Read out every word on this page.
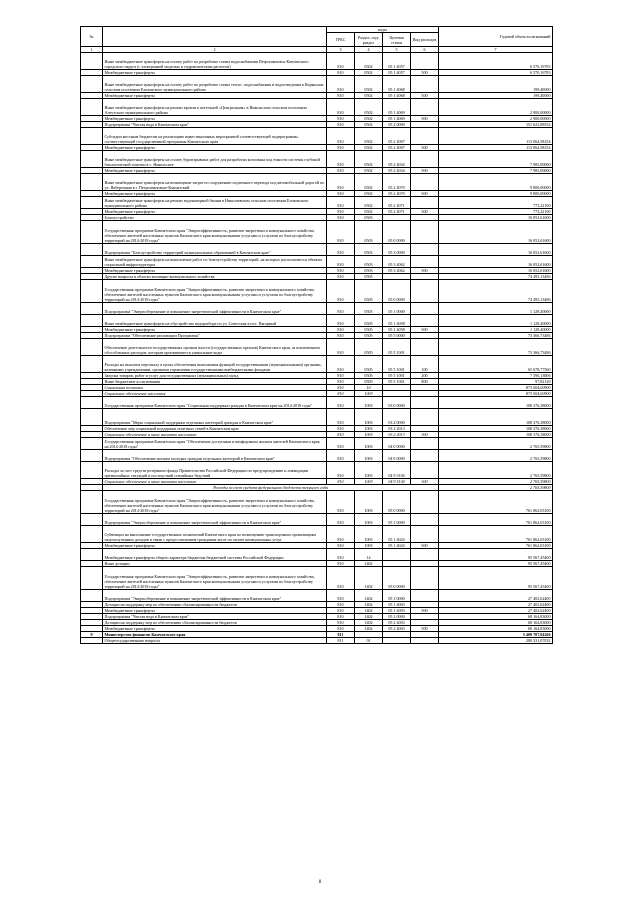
№		коды				Годовой объем ассигнований
		ГРБС	Раздел, под-раздел	Целевая статья	Вид расходов	
1	2	3	4	5	6	7
	Иные межбюджетные трансферты на оплату работ по разработке схемы водоснабжения Петропавловск-Камчатского городского округа (с электронной моделью и гидравлическим расчетом)	810	0502	05 1 4057		6 570,16783
	Межбюджетные трансферты	810	0502	05 1 4057	500	6 570,16783
	Иные межбюджетные трансферты на оплату работ по разработке схемы тепло-, водоснабжения и водоотведения в Корякском сельском поселении Елизовского муниципального района	810	0502	05 1 4068		199,40000
	Межбюджетные трансферты	810	0502	05 1 4068	500	199,40000
	Иные межбюджетные трансферты на ремонт кровли к котельной «Центральная» в Никольском сельском поселении Алеутского муниципального района	810	0502	05 1 4069		2 900,00000
	Межбюджетные трансферты	810	0502	05 1 4069	500	2 900,00000
	Подпрограмма "Чистая вода в Камчатском крае"	810	0502	05 2 0000		151 622,88554
	Субсидии местным бюджетам на реализацию инвестиционных мероприятий соответствующей подпрограммы соответствующей государственной программы Камчатского края	810	0502	05 2 4007		113 064,58254
	Межбюджетные трансферты	810	0502	05 2 4007	500	113 064,58254
	Иные межбюджетные трансферты на оплату буровзрывных работ для разработки котлована под емкости системы глубокой биологической очистки в с. Никольское	810	0502	05 2 4034		7 985,00000
	Межбюджетные трансферты	810	0502	05 2 4034	500	7 985,00000
	Иные межбюджетные трансферты на возмещение затрат по сооружению подземного перехода под автомобильной дорогой по ул. Набережная в г. Петропавловске-Камчатский	810	0502	05 2 4070		9 800,00000
	Межбюджетные трансферты	810	0502	05 2 4070	500	9 800,00000
	Иные межбюджетные трансферты на ремонт водонапорной башни в Николаевском сельском поселении Елизовского муниципального района	810	0502	05 2 4071		773,22100
	Межбюджетные трансферты	810	0502	05 2 4071	500	773,22100
	Благоустройство	810	0503			16 052,61600
	Государственная программа Камчатского края "Энергоэффективность, развитие энергетики и коммунального хозьйства, обеспечение жителей населенных пунктов Камчатского края коммунальными услугами и услугами по благоустройству территорий на 2014-2018 годы"	810	0503	05 0 0000		16 052,61600
	Подпрограмма "Благоустройство территорий муниципальных образований в Камчатском крае"	810	0503	05 3 0000		16 052,61600
	Иные межбюджетные трансферты на выполнение работ по благоустройству территорий, на которых располагаются объекты социальной инфраструктуры	810	0503	05 3 4062		16 052,61600
	Межбюджетные трансферты	810	0503	05 3 4062	500	16 052,61600
	Другие вопросы в области жилищно-коммунального хозяйства	810	0505			74 495,13486
	Государственная программа Камчатского края "Энергоэффективность, развитие энергетики и коммунального хозяйства, обеспечение жителей населенных пунктов Камчатского края коммунальными услугами и услугами по благоустройству территорий на 2014-2018 годы"	810	0505	05 0 0000		74 495,13486
	Подпрограмма "Энергосбережение и повышение энергетической эффективности в Камчатском крае"	810	0505	05 1 0000		1 128,40000
	Иные межбюджетные трансферты на обустройство водоразбора по ул. Советская в пос. Нагорный	810	0505	05 1 4058		1 128,40000
	Межбюджетные трансферты	810	0505	05 1 4058	500	1 128,40000
	Подпрограмма "Обеспечение реализации Программы"	810	0505	05 5 0000		73 366,73486
	Обеспечение деятельности государственных органов власти (государственных органов) Камчатского края, за исключением обособленных расходов, которым присваиваются уникальные коды	810	0505	05 5 1001		73 366,73486
	Расходы на выплаты персоналу в целях обеспечения выполнения функций государственными (муниципальными) органами, казенными учреждениями, органами управления государственными внебюджетными фондами	810	0505	05 5 1001	100	65 678,77560
	Закупка товаров, работ и услуг для государственных (муниципальных) нужд	810	0505	05 5 1001	200	7 590,13806
	Иные бюджетные ассигнования	810	0505	05 5 1001	800	97,82120
	Социальная политика	810	10			873 004,00900
	Социальное обеспечение населения	810	1003			873 004,00900
	Государственная программа Камчатского края "Социальная поддержка граждан в Камчатском крае на 2014-2018 годы"	810	1003	03 0 0000		108 376,38000
	Подпрограмма "Меры социальной поддержки отдельных категорий граждан в Камчатском крае"	810	1003	03 2 0000		108 376,38000
	Обеспечение мер социальной поддержки почетных семей в Камчатском крае	810	1003	03 2 2013		108 376,38000
	Социальное обеспечение и иные выплаты населению	810	1003	03 2 2013	300	108 376,38000
	Государственная программа Камчатского края "Обеспечение доступным и комфортным жильем жителей Камчатского края на 2014-2018 годы"	810	1003	04 0 0000		2 765,59800
	Подпрограмма "Обеспечение жильем молодых граждан отдельных категорий в Камчатском крае"	810	1003	04 9 0000		2 765,59800
	Расходы за счет средств резервного фонда Правительства Российской Федерации по предупреждению и ликвидации чрезвычайных ситуаций и последствий стихийных бедствий	810	1003	04 9 5104		2 765,59800
	Социальное обеспечение и иные выплаты населению	810	1003	04 9 5104	300	2 765,59800
	Расходы за счет средств федерального бюджета текущего года					2 765,59800
	Государственная программа Камчатского края "Энергоэффективность, развитие энергетики и коммунального хозяйства, обеспечение жителей населенных пунктов Камчатского края коммунальными услугами и услугами по благоустройству территорий на 2014-2018 годы"	810	1003	05 0 0000		761 862,03100
	Подпрограмма "Энергосбережение и повышение энергетической эффективности в Камчатском крае"	810	1003	05 1 0000		761 862,03100
	Субвенции на выполнение государственных полномочий Камчатского края по возмещению транспортным организациям недополученных доходов в связи с предоставлением гражданам льгот по оплате коммунальных услуг	810	1003	05 1 4024		761 862,03100
	Межбюджетные трансферты	810	1003	05 1 4024	500	761 862,03100
	Межбюджетные трансферты общего характера бюджетам бюджетной системы Российской Федерации	810	14			95 567,45400
	Иные дотации	810	1402			95 567,45400
	Государственная программа Камчатского края "Энергоэффективность, развитие энергетики и коммунального хозяйства, обеспечение жителей населенных пунктов Камчатского края коммунальными услугами и услугами по благоустройству территорий на 2014-2018 годы"	810	1402	05 0 0000		95 567,45400
	Подпрограмма "Энергосбережение и повышение энергетической эффективности в Камчатском крае"	810	1402	05 1 0000		27 402,62400
	Дотации на поддержку мер по обеспечению сбалансированности бюджетов	810	1402	05 1 4003		27 402,62400
	Межбюджетные трансферты	810	1402	05 1 4003	500	27 402,62400
	Подпрограмма "Чистая вода в Камчатском крае"	810	1402	05 2 0000		68 164,83000
	Дотации на поддержку мер по обеспечению сбалансированности бюджетов	810	1402	05 2 4003		68 164,83000
	Межбюджетные трансферты	810	1402	05 2 4003	500	68 164,83000
9	Министерство финансов Камчатского края	811				5 400 707,04266
	Общегосударственные вопросы	811	01			280 331,07032
8
